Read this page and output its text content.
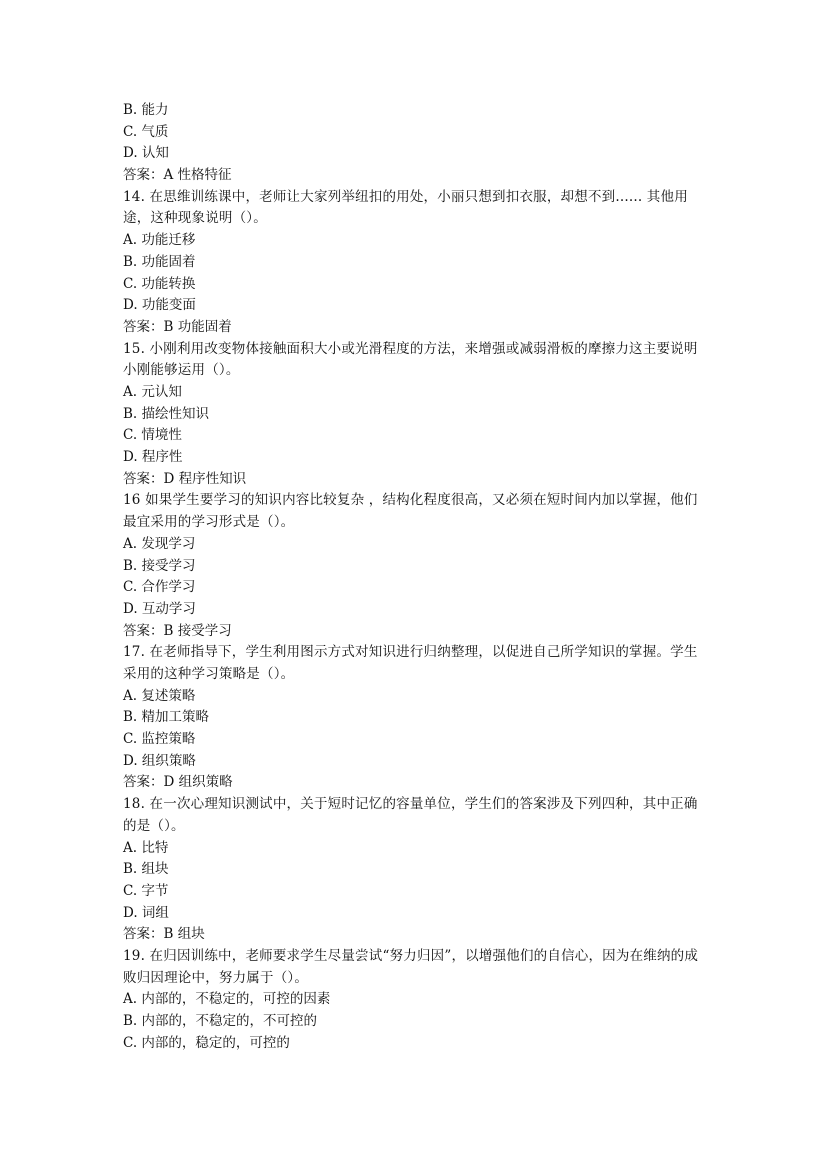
B. 能力
C. 气质
D. 认知
答案：A 性格特征
14. 在思维训练课中，老师让大家列举纽扣的用处，小丽只想到扣衣服，却想不到...... 其他用途，这种现象说明（）。
A. 功能迁移
B. 功能固着
C. 功能转换
D. 功能变面
答案：B 功能固着
15. 小刚利用改变物体接触面积大小或光滑程度的方法，来增强或减弱滑板的摩擦力这主要说明小刚能够运用（）。
A. 元认知
B. 描绘性知识
C. 情境性
D. 程序性
答案：D 程序性知识
16 如果学生要学习的知识内容比较复杂 ，结构化程度很高，又必须在短时间内加以掌握，他们最宜采用的学习形式是（）。
A. 发现学习
B. 接受学习
C. 合作学习
D. 互动学习
答案：B 接受学习
17. 在老师指导下，学生利用图示方式对知识进行归纳整理，以促进自己所学知识的掌握。学生采用的这种学习策略是（）。
A. 复述策略
B. 精加工策略
C. 监控策略
D. 组织策略
答案：D 组织策略
18. 在一次心理知识测试中，关于短时记忆的容量单位，学生们的答案涉及下列四种，其中正确的是（）。
A. 比特
B. 组块
C. 字节
D. 词组
答案：B 组块
19. 在归因训练中，老师要求学生尽量尝试“努力归因”，以增强他们的自信心，因为在维纳的成败归因理论中，努力属于（）。
A. 内部的，不稳定的，可控的因素
B. 内部的，不稳定的，不可控的
C. 内部的，稳定的，可控的
